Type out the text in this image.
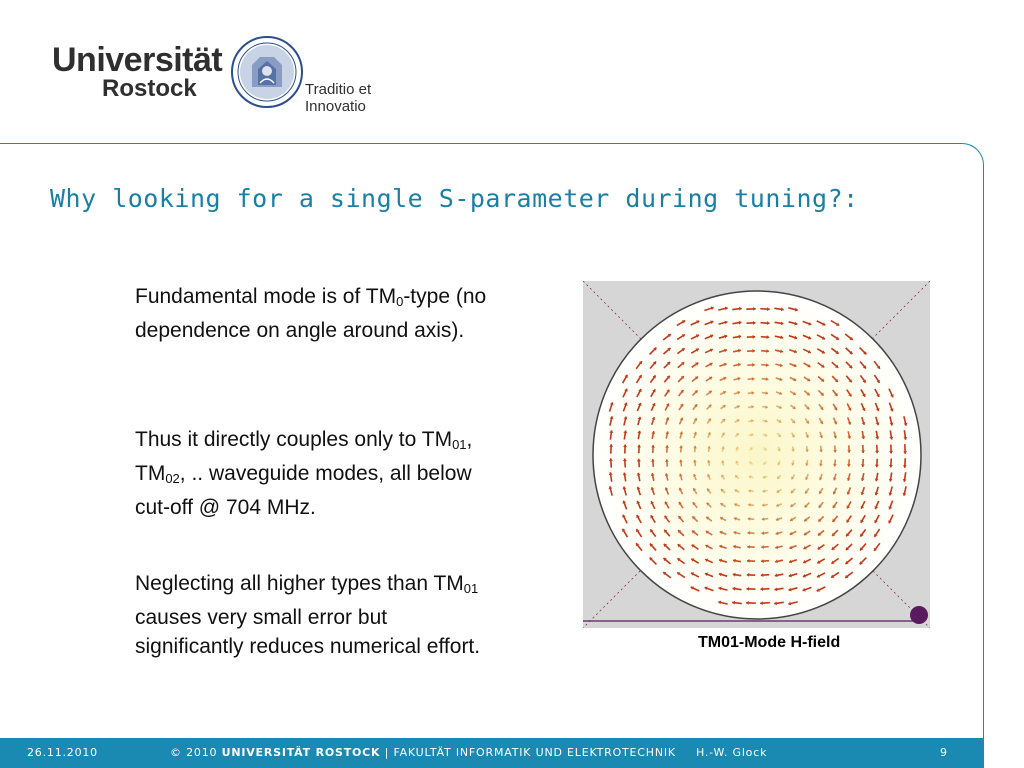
Universität
Rostock	Traditio et Innovatio
Why looking for a single S-parameter during tuning?:
Fundamental mode is of $TM_0$-type (no dependence on angle around axis).
Thus it directly couples only to $TM_{01}$, $TM_{02}$, .. waveguide modes, all below cut-off @ 704 MHz.
Neglecting all higher types than $TM_{01}$ causes very small error but significantly reduces numerical effort.	TM01-Mode H-field
26.11.2010	© 2010 UNIVERSITÄT ROSTOCK | FAKULTÄT INFORMATIK UND ELEKTROTECHNIK H.-W. Glock	9
